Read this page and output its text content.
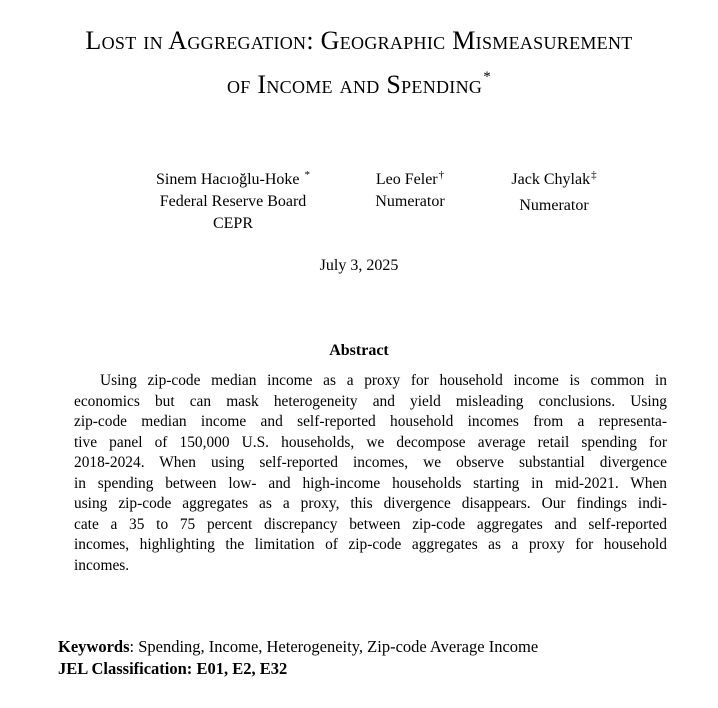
Lost in Aggregation: Geographic Mismeasurement
of Income and Spending*
Sinem Hacıoğlu-Hoke *
Federal Reserve Board
CEPR
Leo Feler†
Numerator
Jack Chylak‡
Numerator
July 3, 2025
Abstract
Using zip-code median income as a proxy for household income is common in
economics but can mask heterogeneity and yield misleading conclusions. Using
zip-code median income and self-reported household incomes from a representa-
tive panel of 150,000 U.S. households, we decompose average retail spending for
2018-2024. When using self-reported incomes, we observe substantial divergence
in spending between low- and high-income households starting in mid-2021. When
using zip-code aggregates as a proxy, this divergence disappears. Our findings indi-
cate a 35 to 75 percent discrepancy between zip-code aggregates and self-reported
incomes, highlighting the limitation of zip-code aggregates as a proxy for household
incomes.
Keywords: Spending, Income, Heterogeneity, Zip-code Average Income
JEL Classification: E01, E2, E32
